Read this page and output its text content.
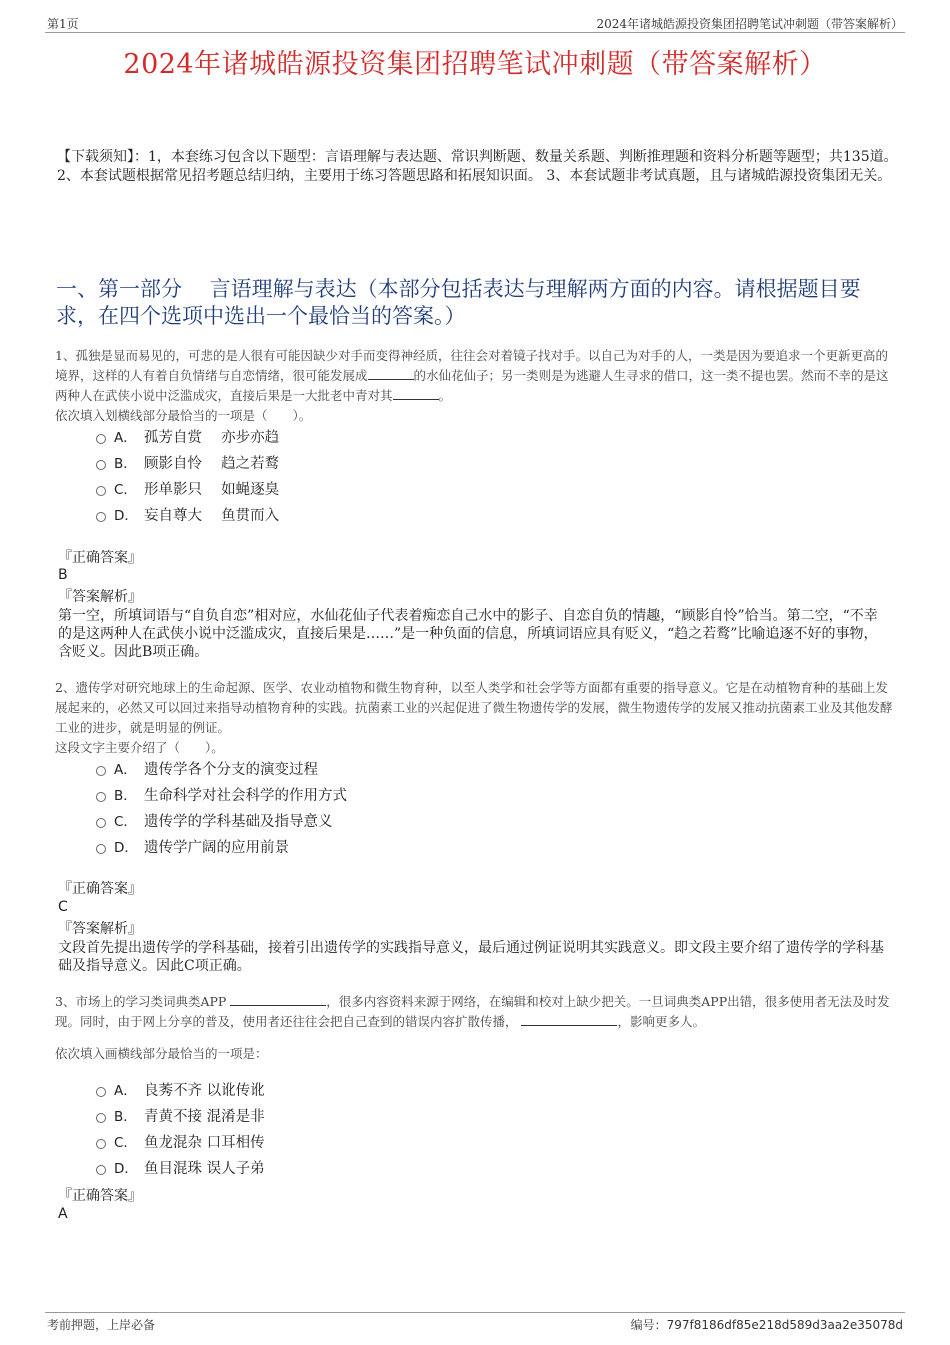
第1页	2024年诸城皓源投资集团招聘笔试冲刺题（带答案解析）
2024年诸城皓源投资集团招聘笔试冲刺题（带答案解析）
【下载须知】：1，本套练习包含以下题型：言语理解与表达题、常识判断题、数量关系题、判断推理题和资料分析题等题型；共135道。 2、本套试题根据常见招考题总结归纳，主要用于练习答题思路和拓展知识面。 3、本套试题非考试真题，且与诸城皓源投资集团无关。
一、第一部分　 言语理解与表达（本部分包括表达与理解两方面的内容。请根据题目要求，在四个选项中选出一个最恰当的答案。）
1、孤独是显而易见的，可悲的是人很有可能因缺少对手而变得神经质，往往会对着镜子找对手。以自己为对手的人，一类是因为要追求一个更新更高的境界，这样的人有着自负情绪与自恋情绪，很可能发展成	的水仙花仙子；另一类则是为逃避人生寻求的借口，这一类不提也罢。然而不幸的是这两种人在武侠小说中泛滥成灾，直接后果是一大批老中青对其	。
依次填入划横线部分最恰当的一项是（　　）。
A． 孤芳自赏　 亦步亦趋
B． 顾影自怜　 趋之若鹜
C． 形单影只　 如蝇逐臭
D． 妄自尊大　 鱼贯而入
『正确答案』
B
『答案解析』
第一空，所填词语与“自负自恋”相对应，水仙花仙子代表着痴恋自己水中的影子、自恋自负的情趣，“顾影自怜”恰当。第二空，“不幸的是这两种人在武侠小说中泛滥成灾，直接后果是……”是一种负面的信息，所填词语应具有贬义，“趋之若鹜”比喻追逐不好的事物，含贬义。因此B项正确。
2、遗传学对研究地球上的生命起源、医学、农业动植物和微生物育种，以至人类学和社会学等方面都有重要的指导意义。它是在动植物育种的基础上发展起来的，必然又可以回过来指导动植物育种的实践。抗菌素工业的兴起促进了微生物遗传学的发展，微生物遗传学的发展又推动抗菌素工业及其他发酵工业的进步，就是明显的例证。
这段文字主要介绍了（　　）。
A． 遗传学各个分支的演变过程
B． 生命科学对社会科学的作用方式
C． 遗传学的学科基础及指导意义
D． 遗传学广阔的应用前景
『正确答案』
C
『答案解析』
文段首先提出遗传学的学科基础，接着引出遗传学的实践指导意义，最后通过例证说明其实践意义。即文段主要介绍了遗传学的学科基础及指导意义。因此C项正确。
3、市场上的学习类词典类APP	，很多内容资料来源于网络，在编辑和校对上缺少把关。一旦词典类APP出错，很多使用者无法及时发现。同时，由于网上分享的普及，使用者还往往会把自己查到的错误内容扩散传播，	，影响更多人。
依次填入画横线部分最恰当的一项是：
A． 良莠不齐 以讹传讹
B． 青黄不接 混淆是非
C． 鱼龙混杂 口耳相传
D． 鱼目混珠 误人子弟
『正确答案』
A
考前押题，上岸必备	编号：797f8186df85e218d589d3aa2e35078d
